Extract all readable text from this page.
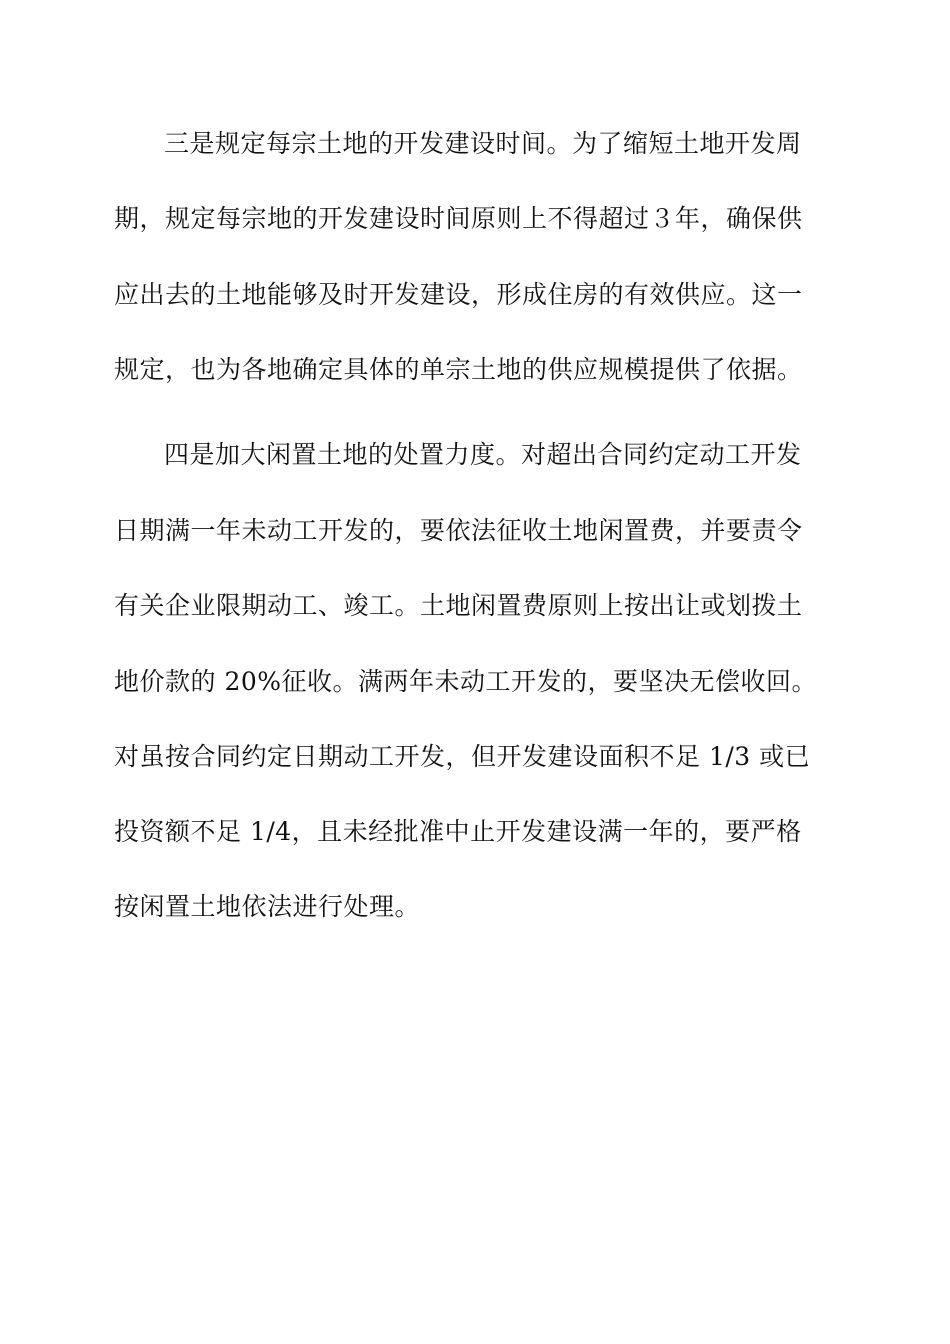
三是规定每宗土地的开发建设时间。为了缩短土地开发周
期，规定每宗地的开发建设时间原则上不得超过３年，确保供
应出去的土地能够及时开发建设，形成住房的有效供应。这一
规定，也为各地确定具体的单宗土地的供应规模提供了依据。
四是加大闲置土地的处置力度。对超出合同约定动工开发
日期满一年未动工开发的，要依法征收土地闲置费，并要责令
有关企业限期动工、竣工。土地闲置费原则上按出让或划拨土
地价款的 20%征收。满两年未动工开发的，要坚决无偿收回。
对虽按合同约定日期动工开发，但开发建设面积不足 1/3 或已
投资额不足 1/4，且未经批准中止开发建设满一年的，要严格
按闲置土地依法进行处理。
